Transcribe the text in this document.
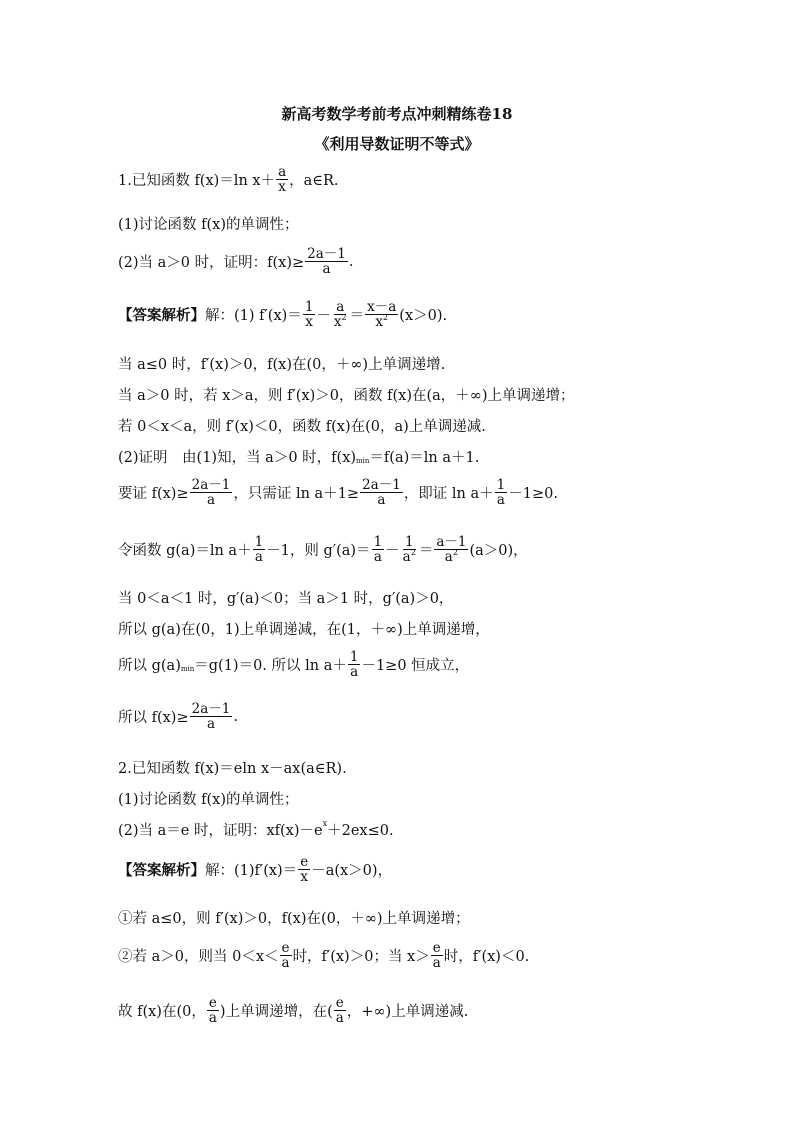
新高考数学考前考点冲刺精练卷18
《利用导数证明不等式》
1.已知函数 f(x)＝ln $x+ \frac{a}{x}$ ，a∈R.
(1)讨论函数 f(x)的单调性；
(2)当 a＞0 时，证明：$f(x)\ge \frac{2a-1}{a}$ .
【答案解析】 解：(1) $f'(x)= \frac{1}{x} - \frac{a}{x^2} = \frac{x-a}{x^2} (x>0)$.
当 a≤0 时，f′(x)＞0，f(x)在(0，＋∞)上单调递增.
当 a＞0 时，若 x＞a，则 f′(x)＞0，函数 f(x)在(a，＋∞)上单调递增；
若 0＜x＜a，则 f′(x)＜0，函数 f(x)在(0，a)上单调递减.
(2)证明　由(1)知，当 a＞0 时，f(x) min ＝f(a)＝ln a＋1.
要证 $f(x)\ge \frac{2a-1}{a}$ ，只需证 $\ln a+1\ge \frac{2a-1}{a}$ ，即证 $\ln a+ \frac{1}{a} -1\ge 0$.
令函数 g(a)＝ln $a+ \frac{1}{a} -1$，则 $g'(a)= \frac{1}{a} - \frac{1}{a^2} = \frac{a-1}{a^2} (a>0)$，
当 0＜a＜1 时，g′(a)＜0；当 a＞1 时，g′(a)＞0，
所以 g(a)在(0，1)上单调递减，在(1，＋∞)上单调递增，
所以 g(a) min ＝g(1)＝0. 所以 $\ln a+ \frac{1}{a} -1\ge 0$ 恒成立，
所以 $f(x)\ge \frac{2a-1}{a}$ .
2.已知函数 f(x)＝eln x－ax(a∈R).
(1)讨论函数 f(x)的单调性；
(2)当 a＝e 时，证明：xf(x)－e x ＋2ex≤0.
【答案解析】 解：$(1)f'(x)= \frac{e}{x} -a(x>0)$，
①若 a≤0，则 f′(x)＞0，f(x)在(0，＋∞)上单调递增；
②若 a＞0，则当 $0<x< \frac{e}{a}$ 时，f′(x)＞0；当 $x> \frac{e}{a}$ 时，f′(x)＜0.
故 f(x)在(0， $\frac{e}{a}$ )上单调递增，在( $\frac{e}{a}$ ，+∞)上单调递减.
